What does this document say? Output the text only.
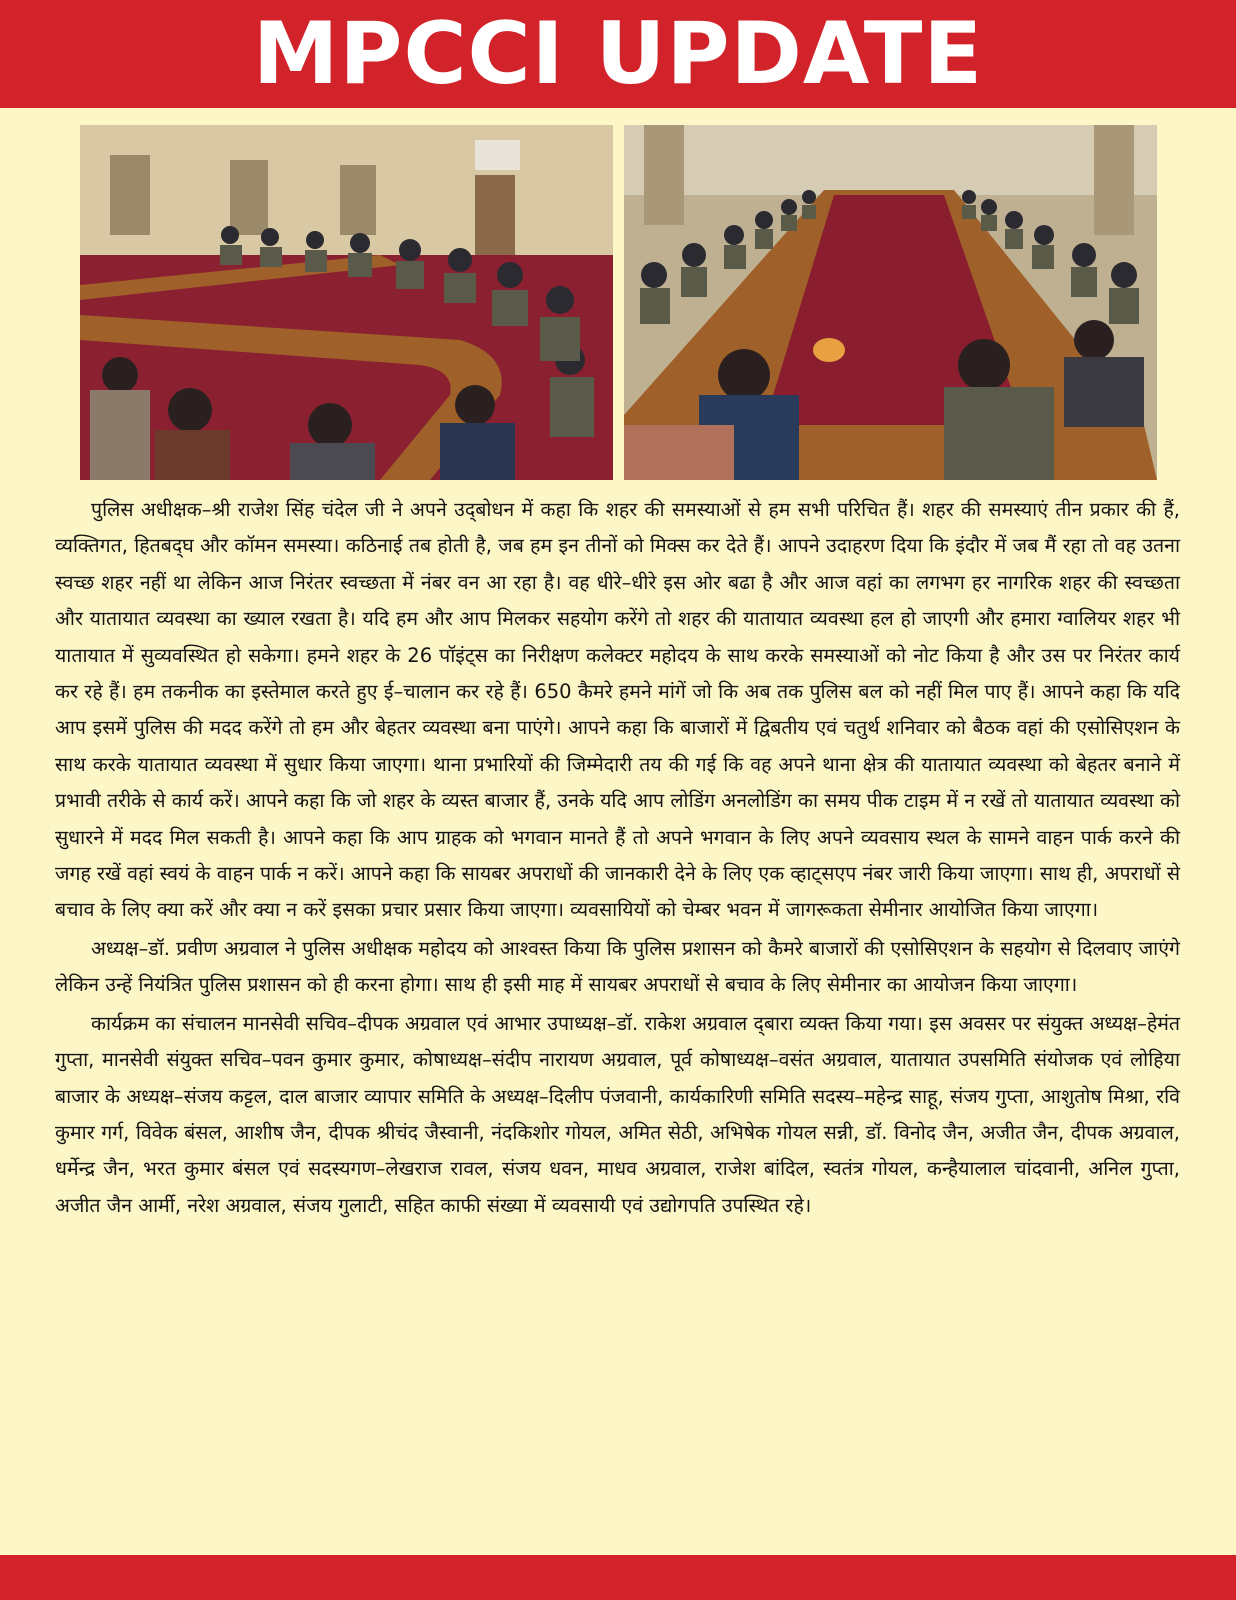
MPCCI UPDATE

पुलिस अधीक्षक–श्री राजेश सिंह चंदेल जी ने अपने उद्‌बोधन में कहा कि शहर की समस्याओं से हम सभी परिचित हैं। शहर की समस्याएं तीन प्रकार की हैं, व्यक्तिगत, हितबद्‌घ और कॉमन समस्या। कठिनाई तब होती है, जब हम इन तीनों को मिक्स कर देते हैं। आपने उदाहरण दिया कि इंदौर में जब मैं रहा तो वह उतना स्वच्छ शहर नहीं था लेकिन आज निरंतर स्वच्छता में नंबर वन आ रहा है। वह धीरे–धीरे इस ओर बढा है और आज वहां का लगभग हर नागरिक शहर की स्वच्छता और यातायात व्यवस्था का ख्याल रखता है। यदि हम और आप मिलकर सहयोग करेंगे तो शहर की यातायात व्यवस्था हल हो जाएगी और हमारा ग्वालियर शहर भी यातायात में सुव्यवस्थित हो सकेगा। हमने शहर के 26 पॉइंट्स का निरीक्षण कलेक्टर महोदय के साथ करके समस्याओं को नोट किया है और उस पर निरंतर कार्य कर रहे हैं। हम तकनीक का इस्तेमाल करते हुए ई–चालान कर रहे हैं। 650 कैमरे हमने मांगें जो कि अब तक पुलिस बल को नहीं मिल पाए हैं। आपने कहा कि यदि आप इसमें पुलिस की मदद करेंगे तो हम और बेहतर व्यवस्था बना पाएंगे। आपने कहा कि बाजारों में द्विबतीय एवं चतुर्थ शनिवार को बैठक वहां की एसोसिएशन के साथ करके यातायात व्यवस्था में सुधार किया जाएगा। थाना प्रभारियों की जिम्मेदारी तय की गई कि वह अपने थाना क्षेत्र की यातायात व्यवस्था को बेहतर बनाने में प्रभावी तरीके से कार्य करें। आपने कहा कि जो शहर के व्यस्त बाजार हैं, उनके यदि आप लोडिंग अनलोडिंग का समय पीक टाइम में न रखें तो यातायात व्यवस्था को सुधारने में मदद मिल सकती है। आपने कहा कि आप ग्राहक को भगवान मानते हैं तो अपने भगवान के लिए अपने व्यवसाय स्थल के सामने वाहन पार्क करने की जगह रखें वहां स्वयं के वाहन पार्क न करें। आपने कहा कि सायबर अपराधों की जानकारी देने के लिए एक व्हाट्‌सएप नंबर जारी किया जाएगा। साथ ही, अपराधों से बचाव के लिए क्या करें और क्या न करें इसका प्रचार प्रसार किया जाएगा। व्यवसायियों को चेम्बर भवन में जागरूकता सेमीनार आयोजित किया जाएगा।

अध्यक्ष–डॉ. प्रवीण अग्रवाल ने पुलिस अधीक्षक महोदय को आश्वस्त किया कि पुलिस प्रशासन को कैमरे बाजारों की एसोसिएशन के सहयोग से दिलवाए जाएंगे लेकिन उन्हें नियंत्रित पुलिस प्रशासन को ही करना होगा। साथ ही इसी माह में सायबर अपराधों से बचाव के लिए सेमीनार का आयोजन किया जाएगा।

कार्यक्रम का संचालन मानसेवी सचिव–दीपक अग्रवाल एवं आभार उपाध्यक्ष–डॉ. राकेश अग्रवाल द्‌बारा व्यक्त किया गया। इस अवसर पर संयुक्त अध्यक्ष–हेमंत गुप्ता, मानसेवी संयुक्त सचिव–पवन कुमार कुमार, कोषाध्यक्ष–संदीप नारायण अग्रवाल, पूर्व कोषाध्यक्ष–वसंत अग्रवाल, यातायात उपसमिति संयोजक एवं लोहिया बाजार के अध्यक्ष–संजय कट्टल, दाल बाजार व्यापार समिति के अध्यक्ष–दिलीप पंजवानी, कार्यकारिणी समिति सदस्य–महेन्द्र साहू, संजय गुप्ता, आशुतोष मिश्रा, रवि कुमार गर्ग, विवेक बंसल, आशीष जैन, दीपक श्रीचंद जैस्वानी, नंदकिशोर गोयल, अमित सेठी, अभिषेक गोयल सन्नी, डॉ. विनोद जैन, अजीत जैन, दीपक अग्रवाल, धर्मेन्द्र जैन, भरत कुमार बंसल एवं सदस्यगण–लेखराज रावल, संजय धवन, माधव अग्रवाल, राजेश बांदिल, स्वतंत्र गोयल, कन्हैयालाल चांदवानी, अनिल गुप्ता, अजीत जैन आर्मी, नरेश अग्रवाल, संजय गुलाटी, सहित काफी संख्या में व्यवसायी एवं उद्योगपति उपस्थित रहे।
